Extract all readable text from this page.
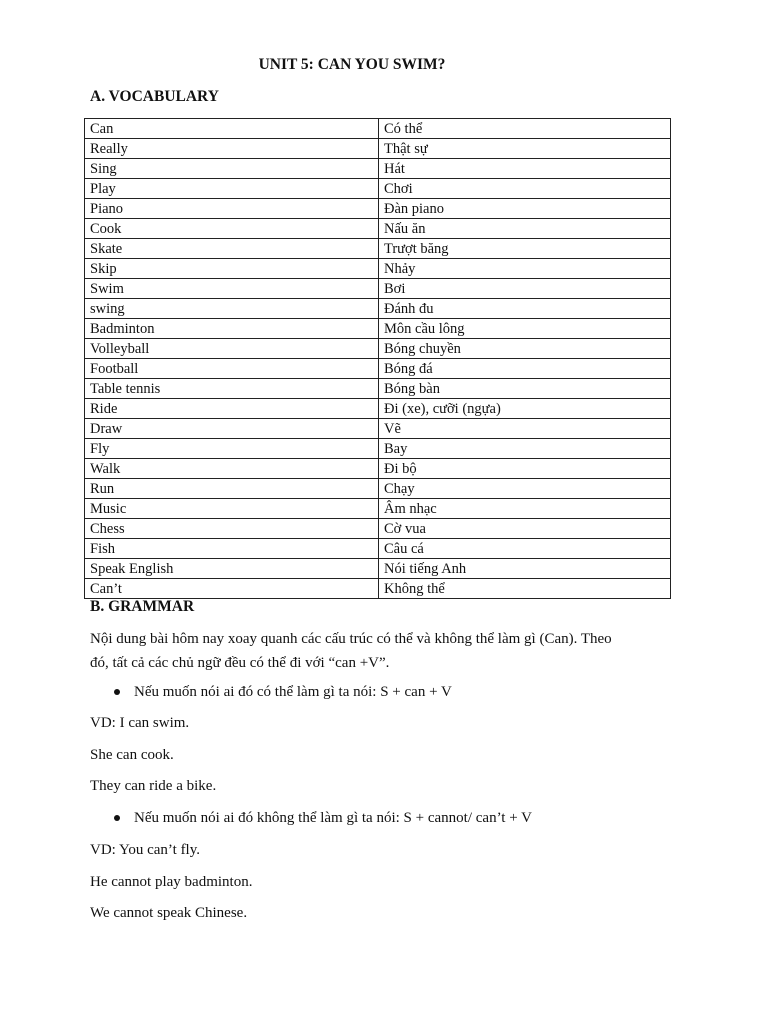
UNIT 5: CAN YOU SWIM?
A. VOCABULARY
Can	Có thể
Really	Thật sự
Sing	Hát
Play	Chơi
Piano	Đàn piano
Cook	Nấu ăn
Skate	Trượt băng
Skip	Nhảy
Swim	Bơi
swing	Đánh đu
Badminton	Môn cầu lông
Volleyball	Bóng chuyền
Football	Bóng đá
Table tennis	Bóng bàn
Ride	Đi (xe), cưỡi (ngựa)
Draw	Vẽ
Fly	Bay
Walk	Đi bộ
Run	Chạy
Music	Âm nhạc
Chess	Cờ vua
Fish	Câu cá
Speak English	Nói tiếng Anh
Can’t	Không thể
B. GRAMMAR
Nội dung bài hôm nay xoay quanh các cấu trúc có thể và không thể làm gì (Can). Theo
đó, tất cả các chủ ngữ đều có thể đi với “can +V”.
Nếu muốn nói ai đó có thể làm gì ta nói: S + can + V
VD: I can swim.
She can cook.
They can ride a bike.
Nếu muốn nói ai đó không thể làm gì ta nói: S + cannot/ can’t + V
VD: You can’t fly.
He cannot play badminton.
We cannot speak Chinese.
